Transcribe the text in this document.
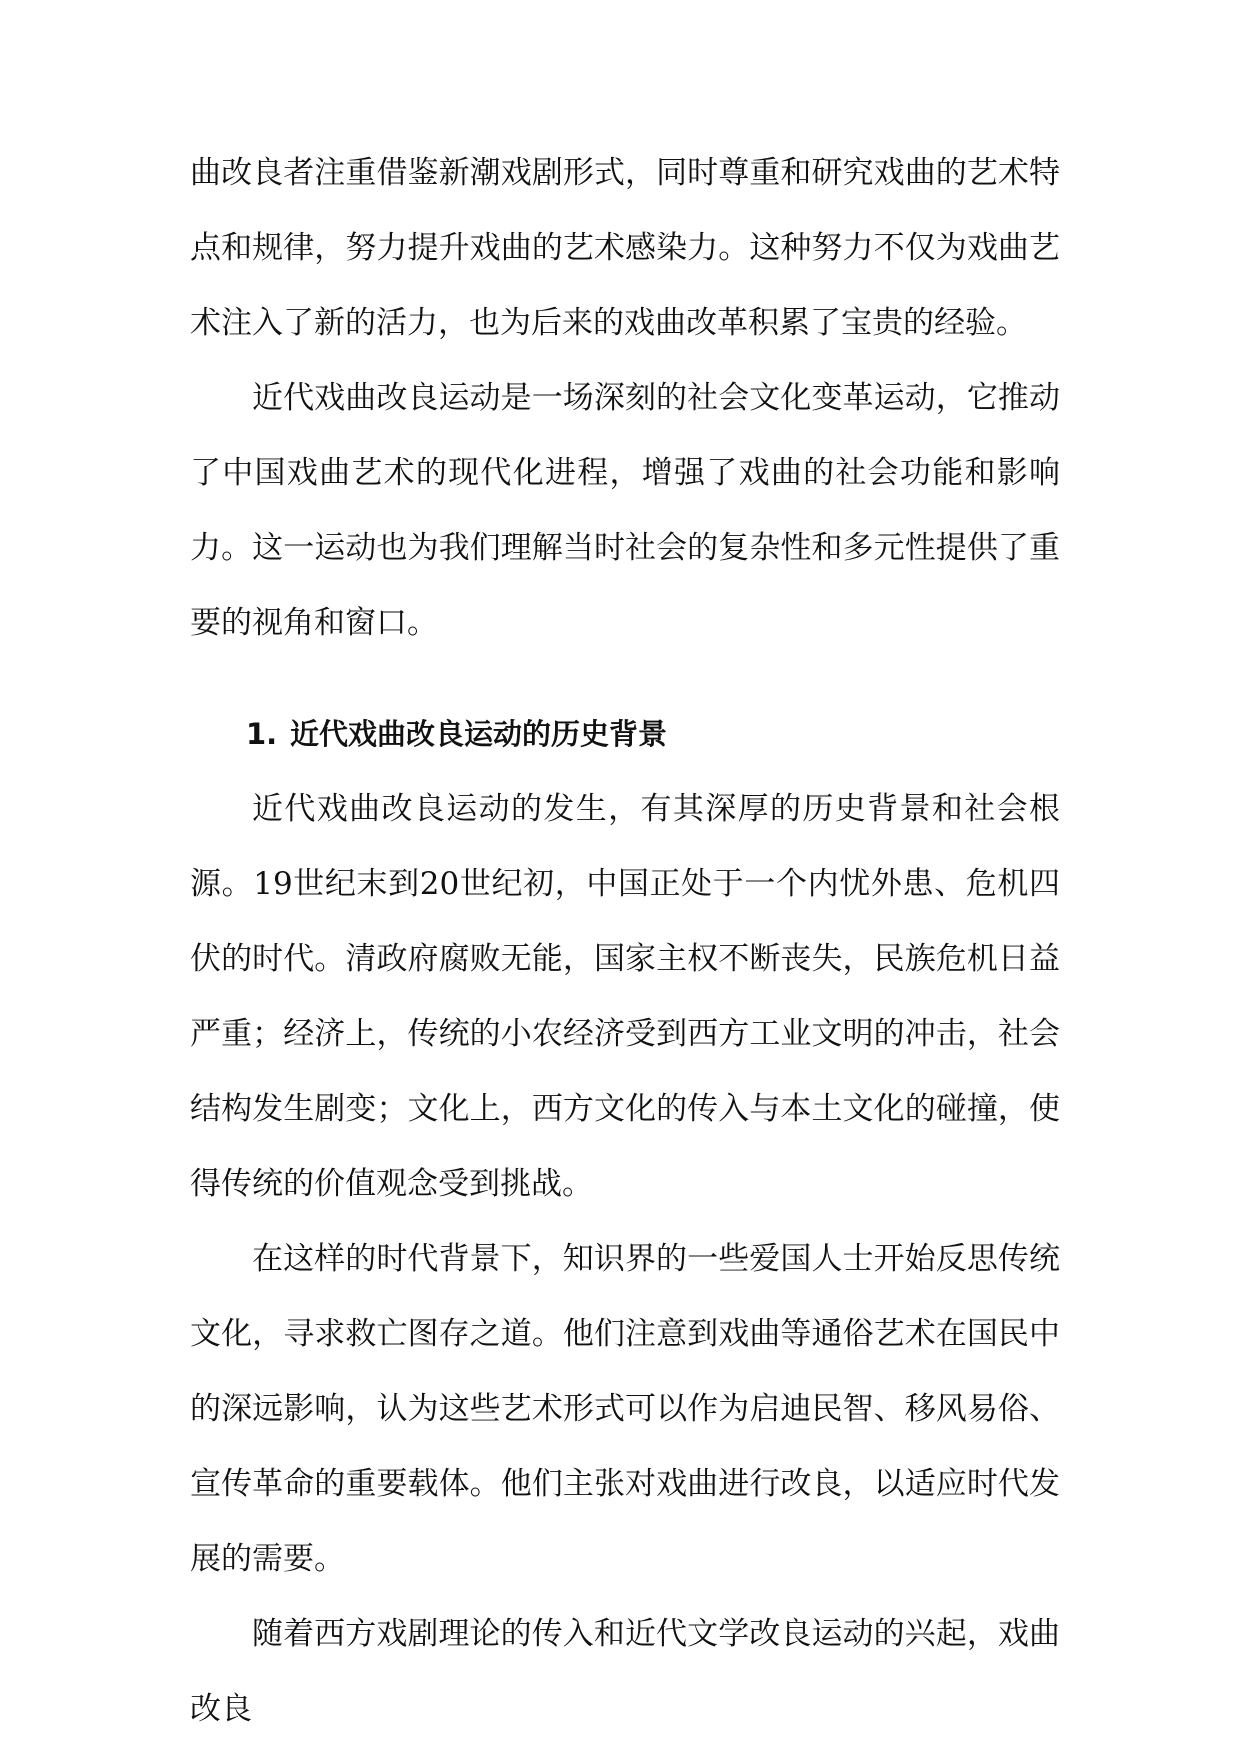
曲改良者注重借鉴新潮戏剧形式，同时尊重和研究戏曲的艺术特点和规律，努力提升戏曲的艺术感染力。这种努力不仅为戏曲艺术注入了新的活力，也为后来的戏曲改革积累了宝贵的经验。

近代戏曲改良运动是一场深刻的社会文化变革运动，它推动了中国戏曲艺术的现代化进程，增强了戏曲的社会功能和影响力。这一运动也为我们理解当时社会的复杂性和多元性提供了重要的视角和窗口。

1. 近代戏曲改良运动的历史背景

近代戏曲改良运动的发生，有其深厚的历史背景和社会根源。19世纪末到20世纪初，中国正处于一个内忧外患、危机四伏的时代。清政府腐败无能，国家主权不断丧失，民族危机日益严重；经济上，传统的小农经济受到西方工业文明的冲击，社会结构发生剧变；文化上，西方文化的传入与本土文化的碰撞，使得传统的价值观念受到挑战。

在这样的时代背景下，知识界的一些爱国人士开始反思传统文化，寻求救亡图存之道。他们注意到戏曲等通俗艺术在国民中的深远影响，认为这些艺术形式可以作为启迪民智、移风易俗、宣传革命的重要载体。他们主张对戏曲进行改良，以适应时代发展的需要。

随着西方戏剧理论的传入和近代文学改良运动的兴起，戏曲改良
